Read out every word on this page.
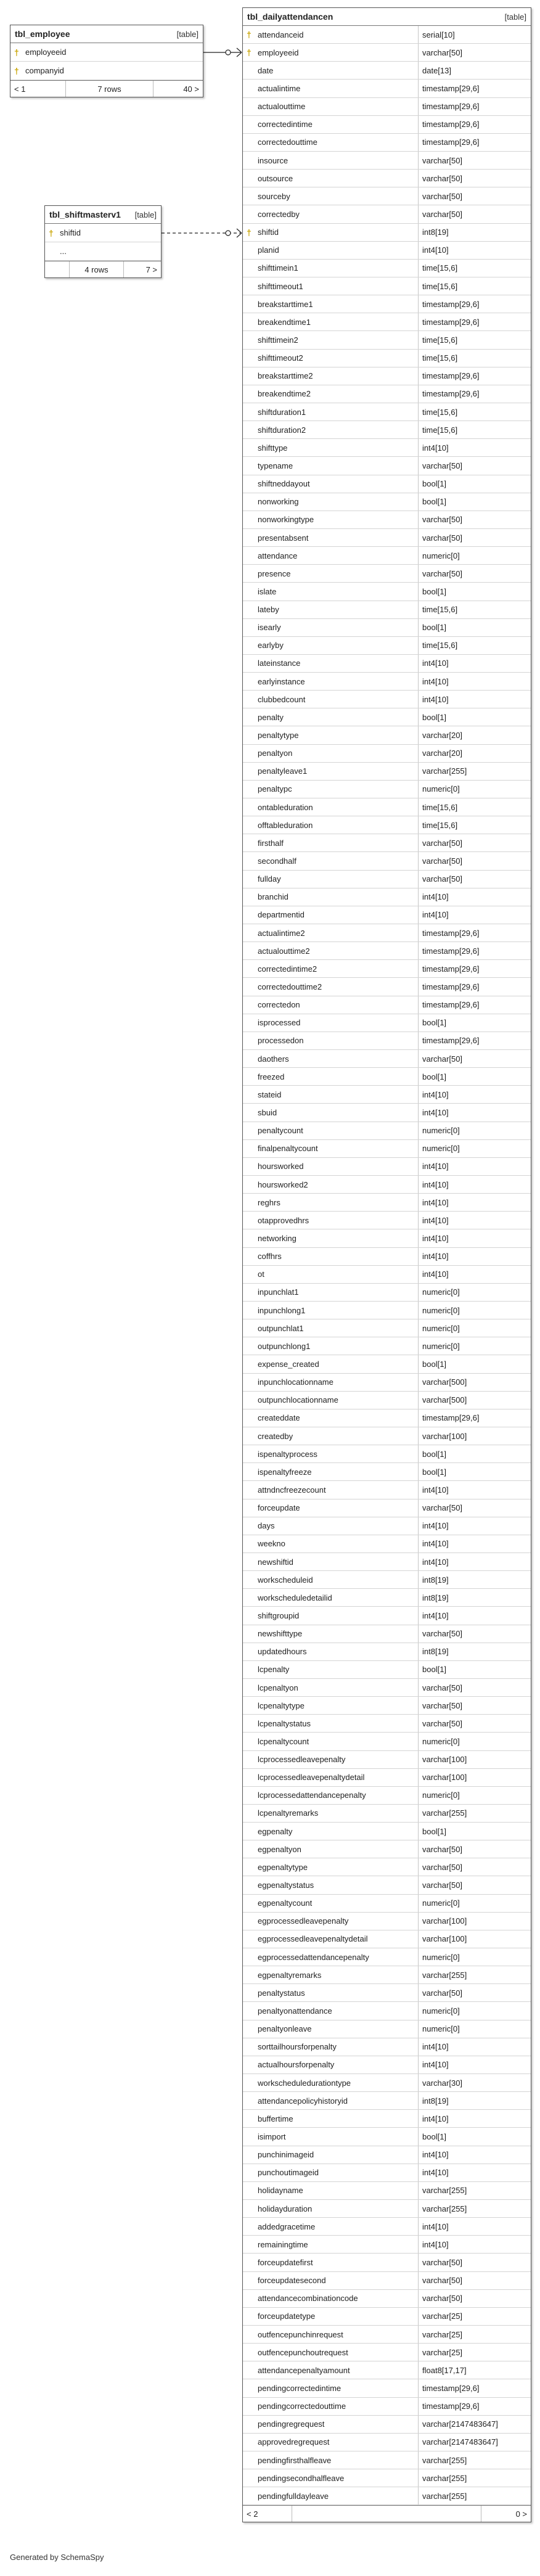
tbl_employee	[table]
† employeeid
† companyid
< 1	7 rows	40 >
tbl_shiftmasterv1 [table]
† shiftid
...
4 rows	7 >
tbl_dailyattendancen	[table]
† attendanceid	serial[10]
† employeeid	varchar[50]
date	date[13]
actualintime	timestamp[29,6]
actualouttime	timestamp[29,6]
correctedintime	timestamp[29,6]
correctedouttime	timestamp[29,6]
insource	varchar[50]
outsource	varchar[50]
sourceby	varchar[50]
correctedby	varchar[50]
† shiftid	int8[19]
planid	int4[10]
shifttimein1	time[15,6]
shifttimeout1	time[15,6]
breakstarttime1	timestamp[29,6]
breakendtime1	timestamp[29,6]
shifttimein2	time[15,6]
shifttimeout2	time[15,6]
breakstarttime2	timestamp[29,6]
breakendtime2	timestamp[29,6]
shiftduration1	time[15,6]
shiftduration2	time[15,6]
shifttype	int4[10]
typename	varchar[50]
shiftneddayout	bool[1]
nonworking	bool[1]
nonworkingtype	varchar[50]
presentabsent	varchar[50]
attendance	numeric[0]
presence	varchar[50]
islate	bool[1]
lateby	time[15,6]
isearly	bool[1]
earlyby	time[15,6]
lateinstance	int4[10]
earlyinstance	int4[10]
clubbedcount	int4[10]
penalty	bool[1]
penaltytype	varchar[20]
penaltyon	varchar[20]
penaltyleave1	varchar[255]
penaltypc	numeric[0]
ontableduration	time[15,6]
offtableduration	time[15,6]
firsthalf	varchar[50]
secondhalf	varchar[50]
fullday	varchar[50]
branchid	int4[10]
departmentid	int4[10]
actualintime2	timestamp[29,6]
actualouttime2	timestamp[29,6]
correctedintime2	timestamp[29,6]
correctedouttime2	timestamp[29,6]
correctedon	timestamp[29,6]
isprocessed	bool[1]
processedon	timestamp[29,6]
daothers	varchar[50]
freezed	bool[1]
stateid	int4[10]
sbuid	int4[10]
penaltycount	numeric[0]
finalpenaltycount	numeric[0]
hoursworked	int4[10]
hoursworked2	int4[10]
reghrs	int4[10]
otapprovedhrs	int4[10]
networking	int4[10]
coffhrs	int4[10]
ot	int4[10]
inpunchlat1	numeric[0]
inpunchlong1	numeric[0]
outpunchlat1	numeric[0]
outpunchlong1	numeric[0]
expense_created	bool[1]
inpunchlocationname	varchar[500]
outpunchlocationname	varchar[500]
createddate	timestamp[29,6]
createdby	varchar[100]
ispenaltyprocess	bool[1]
ispenaltyfreeze	bool[1]
attndncfreezecount	int4[10]
forceupdate	varchar[50]
days	int4[10]
weekno	int4[10]
newshiftid	int4[10]
workscheduleid	int8[19]
workscheduledetailid	int8[19]
shiftgroupid	int4[10]
newshifttype	varchar[50]
updatedhours	int8[19]
lcpenalty	bool[1]
lcpenaltyon	varchar[50]
lcpenaltytype	varchar[50]
lcpenaltystatus	varchar[50]
lcpenaltycount	numeric[0]
lcprocessedleavepenalty	varchar[100]
lcprocessedleavepenaltydetail	varchar[100]
lcprocessedattendancepenalty	numeric[0]
lcpenaltyremarks	varchar[255]
egpenalty	bool[1]
egpenaltyon	varchar[50]
egpenaltytype	varchar[50]
egpenaltystatus	varchar[50]
egpenaltycount	numeric[0]
egprocessedleavepenalty	varchar[100]
egprocessedleavepenaltydetail	varchar[100]
egprocessedattendancepenalty	numeric[0]
egpenaltyremarks	varchar[255]
penaltystatus	varchar[50]
penaltyonattendance	numeric[0]
penaltyonleave	numeric[0]
sorttailhoursforpenalty	int4[10]
actualhoursforpenalty	int4[10]
workscheduledurationtype	varchar[30]
attendancepolicyhistoryid	int8[19]
buffertime	int4[10]
isimport	bool[1]
punchinimageid	int4[10]
punchoutimageid	int4[10]
holidayname	varchar[255]
holidayduration	varchar[255]
addedgracetime	int4[10]
remainingtime	int4[10]
forceupdatefirst	varchar[50]
forceupdatesecond	varchar[50]
attendancecombinationcode	varchar[50]
forceupdatetype	varchar[25]
outfencepunchinrequest	varchar[25]
outfencepunchoutrequest	varchar[25]
attendancepenaltyamount	float8[17,17]
pendingcorrectedintime	timestamp[29,6]
pendingcorrectedouttime	timestamp[29,6]
pendingregrequest	varchar[2147483647]
approvedregrequest	varchar[2147483647]
pendingfirsthalfleave	varchar[255]
pendingsecondhalfleave	varchar[255]
pendingfulldayleave	varchar[255]
< 2	0 >
Generated by SchemaSpy
